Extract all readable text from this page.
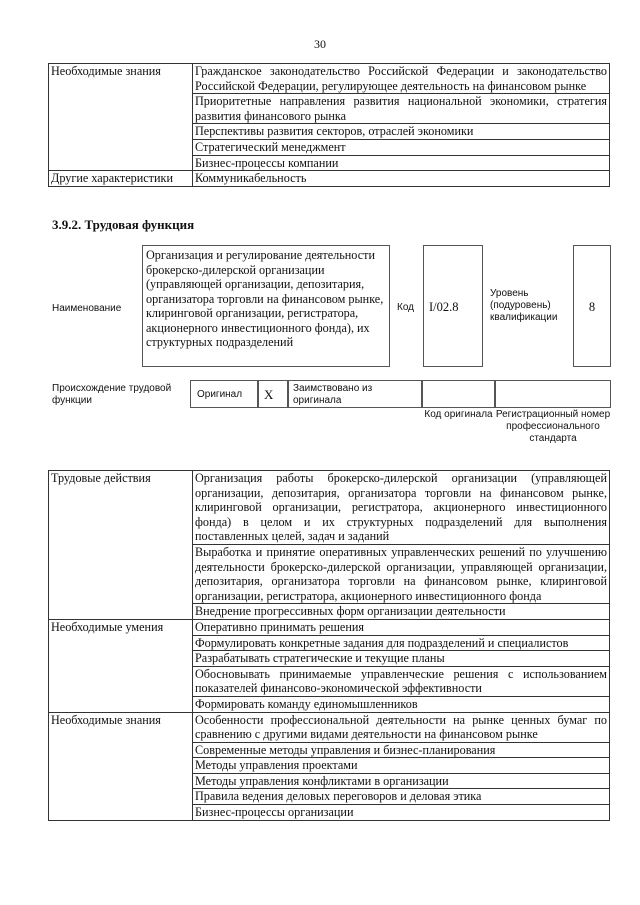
30
Необходимые знания	Гражданское законодательство Российской Федерации и законодательство Российской Федерации, регулирующее деятельность на финансовом рынке
	Приоритетные направления развития национальной экономики, стратегия развития финансового рынка
	Перспективы развития секторов, отраслей экономики
	Стратегический менеджмент
	Бизнес-процессы компании
Другие характеристики	Коммуникабельность
3.9.2. Трудовая функция
Наименование
Организация и регулирование деятельности брокерско-дилерской организации (управляющей организации, депозитария, организатора торговли на финансовом рынке, клиринговой организации, регистратора, акционерного инвестиционного фонда), их структурных подразделений
Код	I/02.8
Уровень (подуровень) квалификации
8
Происхождение трудовой функции
Оригинал	X	Заимствовано из оригинала
Код оригинала Регистрационный номер профессионального стандарта
Трудовые действия	Организация работы брокерско-дилерской организации (управляющей организации, депозитария, организатора торговли на финансовом рынке, клиринговой организации, регистратора, акционерного инвестиционного фонда) в целом и их структурных подразделений для выполнения поставленных целей, задач и заданий
	Выработка и принятие оперативных управленческих решений по улучшению деятельности брокерско-дилерской организации, управляющей организации, депозитария, организатора торговли на финансовом рынке, клиринговой организации, регистратора, акционерного инвестиционного фонда
	Внедрение прогрессивных форм организации деятельности
Необходимые умения	Оперативно принимать решения
	Формулировать конкретные задания для подразделений и специалистов
	Разрабатывать стратегические и текущие планы
	Обосновывать принимаемые управленческие решения с использованием показателей финансово-экономической эффективности
	Формировать команду единомышленников
Необходимые знания	Особенности профессиональной деятельности на рынке ценных бумаг по сравнению с другими видами деятельности на финансовом рынке
	Современные методы управления и бизнес-планирования
	Методы управления проектами
	Методы управления конфликтами в организации
	Правила ведения деловых переговоров и деловая этика
	Бизнес-процессы организации
